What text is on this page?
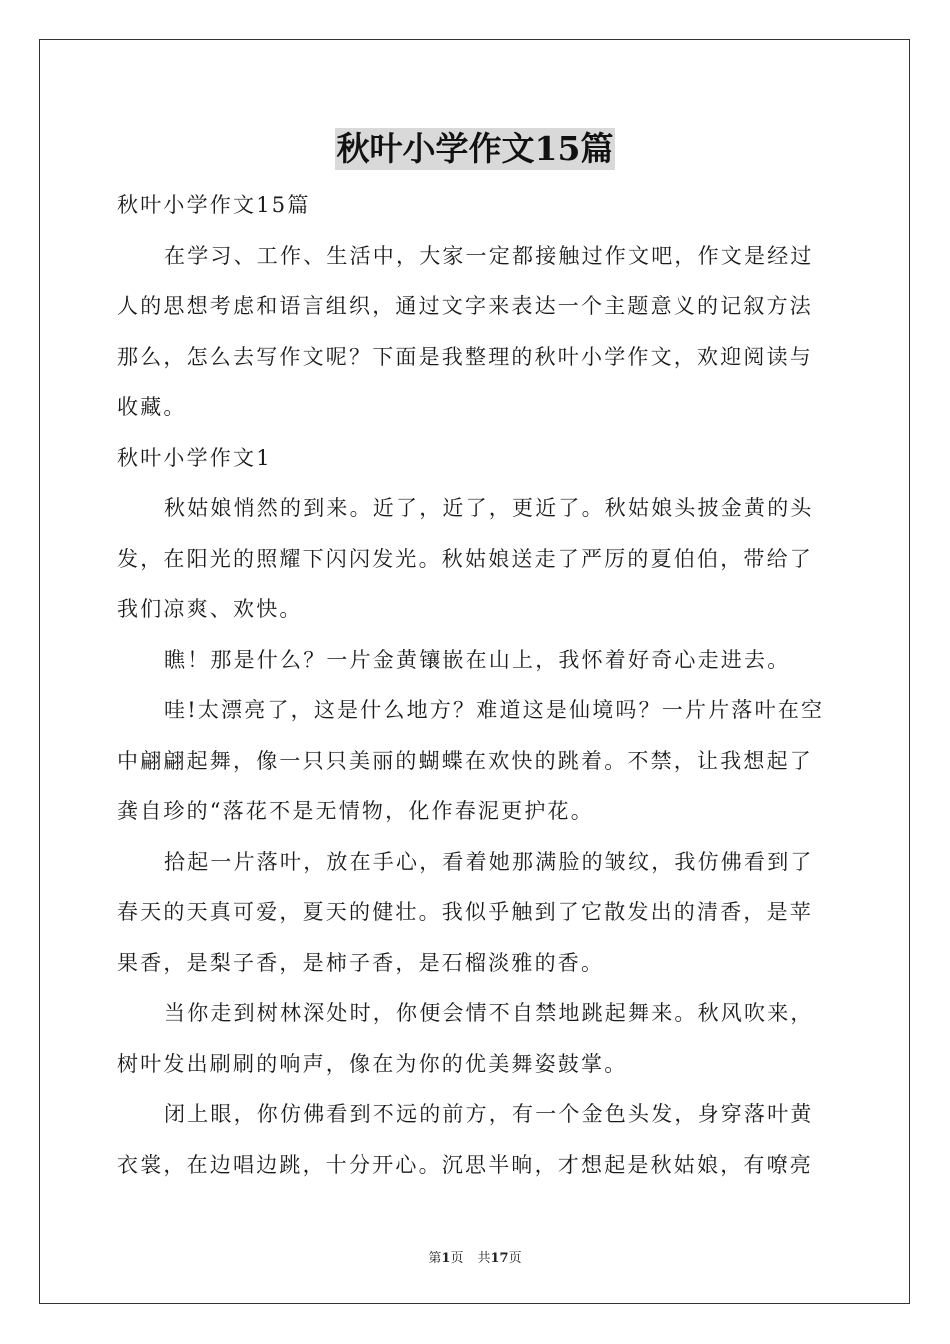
秋叶小学作文15篇

秋叶小学作文15篇

在学习、工作、生活中，大家一定都接触过作文吧，作文是经过人的思想考虑和语言组织，通过文字来表达一个主题意义的记叙方法那么，怎么去写作文呢？下面是我整理的秋叶小学作文，欢迎阅读与收藏。

秋叶小学作文1

秋姑娘悄然的到来。近了，近了，更近了。秋姑娘头披金黄的头发，在阳光的照耀下闪闪发光。秋姑娘送走了严厉的夏伯伯，带给了我们凉爽、欢快。

瞧！那是什么？一片金黄镶嵌在山上，我怀着好奇心走进去。

哇!太漂亮了，这是什么地方？难道这是仙境吗？一片片落叶在空中翩翩起舞，像一只只美丽的蝴蝶在欢快的跳着。不禁，让我想起了龚自珍的“落花不是无情物，化作春泥更护花。

拾起一片落叶，放在手心，看着她那满脸的皱纹，我仿佛看到了春天的天真可爱，夏天的健壮。我似乎触到了它散发出的清香，是苹果香，是梨子香，是柿子香，是石榴淡雅的香。

当你走到树林深处时，你便会情不自禁地跳起舞来。秋风吹来，树叶发出刷刷的响声，像在为你的优美舞姿鼓掌。

闭上眼，你仿佛看到不远的前方，有一个金色头发，身穿落叶黄衣裳，在边唱边跳，十分开心。沉思半晌，才想起是秋姑娘，有嘹亮

第1页 共17页
